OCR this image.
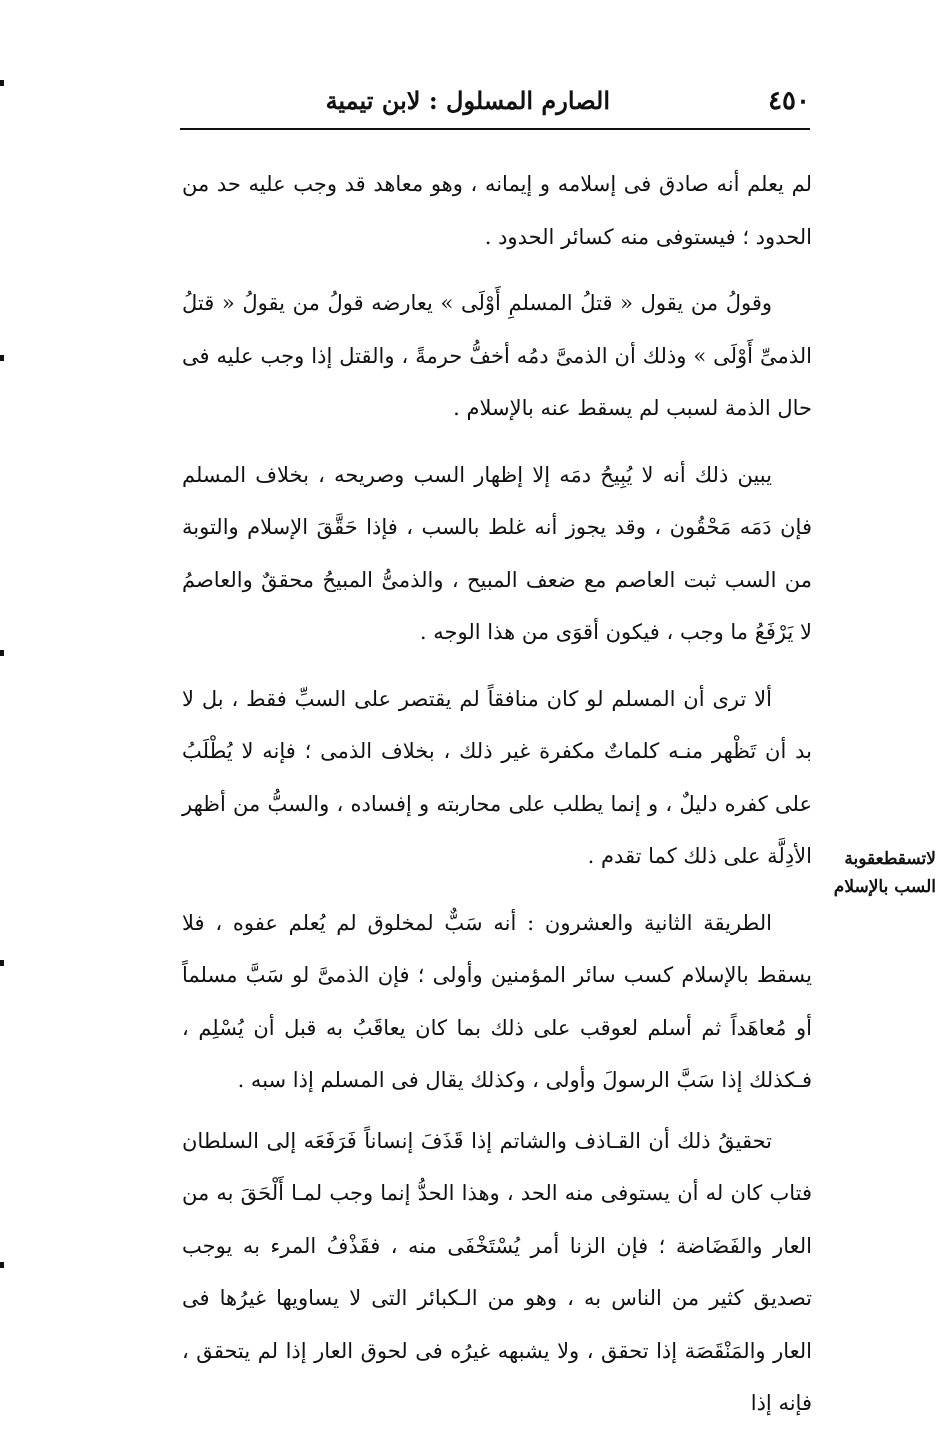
٤٥٠
الصارم المسلول : لابن تيمية
لاتسقطعقوبة السب بالإسلام

لم يعلم أنه صادق فى إسلامه و إيمانه ، وهو معاهد قد وجب عليه حد من الحدود ؛ فيستوفى منه كسائر الحدود .

وقولُ من يقول « قتلُ المسلمِ أَوْلَى » يعارضه قولُ من يقولُ « قتلُ الذمىِّ أَوْلَى » وذلك أن الذمىَّ دمُه أخفُّ حرمةً ، والقتل إذا وجب عليه فى حال الذمة لسبب لم يسقط عنه بالإسلام .

يبين ذلك أنه لا يُبِيحُ دمَه إلا إظهار السب وصريحه ، بخلاف المسلم فإن دَمَه مَحْقُون ، وقد يجوز أنه غلط بالسب ، فإذا حَقَّقَ الإسلام والتوبة من السب ثبت العاصم مع ضعف المبيح ، والذمىُّ المبيحُ محققٌ والعاصمُ لا يَرْفَعُ ما وجب ، فيكون أقوَى من هذا الوجه .

ألا ترى أن المسلم لو كان منافقاً لم يقتصر على السبِّ فقط ، بل لا بد أن تَظْهر منـه كلماتٌ مكفرة غير ذلك ، بخلاف الذمى ؛ فإنه لا يُطْلَبُ على كفره دليلٌ ، و إنما يطلب على محاربته و إفساده ، والسبُّ من أظهر الأدِلَّة على ذلك كما تقدم .

الطريقة الثانية والعشرون : أنه سَبٌّ لمخلوق لم يُعلم عفوه ، فلا يسقط بالإسلام كسب سائر المؤمنين وأولى ؛ فإن الذمىَّ لو سَبَّ مسلماً أو مُعاهَداً ثم أسلم لعوقب على ذلك بما كان يعاقَبُ به قبل أن يُسْلِم ، فـكذلك إذا سَبَّ الرسولَ وأولى ، وكذلك يقال فى المسلم إذا سبه .

تحقيقُ ذلك أن القـاذف والشاتم إذا قَذَفَ إنساناً فَرَفَعَه إلى السلطان فتاب كان له أن يستوفى منه الحد ، وهذا الحدُّ إنما وجب لمـا أَلْحَقَ به من العار والفَضَاضة ؛ فإن الزنا أمر يُسْتَخْفَى منه ، فقَذْفُ المرء به يوجب تصديق كثير من الناس به ، وهو من الـكبائر التى لا يساويها غيرُها فى العار والمَنْقَصَة إذا تحقق ، ولا يشبهه غيرُه فى لحوق العار إذا لم يتحقق ، فإنه إذا
